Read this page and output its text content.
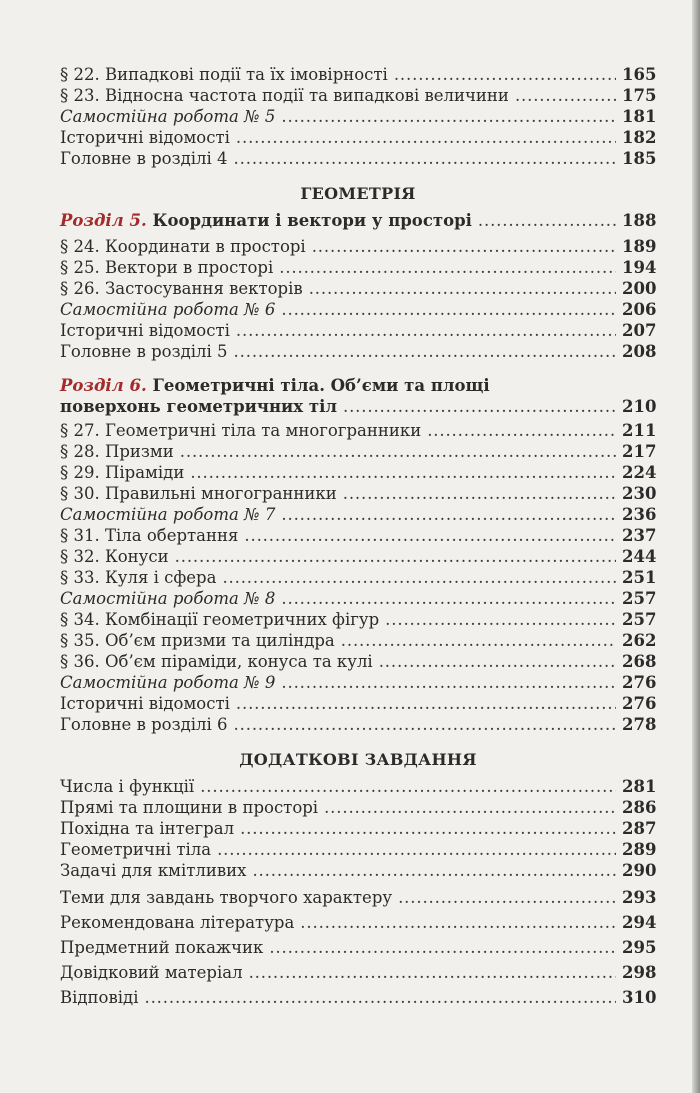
§ 22. Випадкові події та їх імовірності . . .	165
§ 23. Відносна частота події та випадкові величини . . .	175
Самостійна робота № 5 . . .	181
Історичні відомості . . .	182
Головне в розділі 4 . . .	185
ГЕОМЕТРІЯ
Розділ 5. Координати і вектори у просторі . . .	188
§ 24. Координати в просторі . . .	189
§ 25. Вектори в просторі . . .	194
§ 26. Застосування векторів . . .	200
Самостійна робота № 6 . . .	206
Історичні відомості . . .	207
Головне в розділі 5 . . .	208
Розділ 6. Геометричні тіла. Об’єми та площі
поверхонь геометричних тіл . . .	210
§ 27. Геометричні тіла та многогранники . . .	211
§ 28. Призми . . .	217
§ 29. Піраміди . . .	224
§ 30. Правильні многогранники . . .	230
Самостійна робота № 7 . . .	236
§ 31. Тіла обертання . . .	237
§ 32. Конуси . . .	244
§ 33. Куля і сфера . . .	251
Самостійна робота № 8 . . .	257
§ 34. Комбінації геометричних фігур . . .	257
§ 35. Об’єм призми та циліндра . . .	262
§ 36. Об’єм піраміди, конуса та кулі . . .	268
Самостійна робота № 9 . . .	276
Історичні відомості . . .	276
Головне в розділі 6 . . .	278
ДОДАТКОВІ ЗАВДАННЯ
Числа і функції . . .	281
Прямі та площини в просторі . . .	286
Похідна та інтеграл . . .	287
Геометричні тіла . . .	289
Задачі для кмітливих . . .	290
Теми для завдань творчого характеру . . .	293
Рекомендована література . . .	294
Предметний покажчик . . .	295
Довідковий матеріал . . .	298
Відповіді . . .	310
